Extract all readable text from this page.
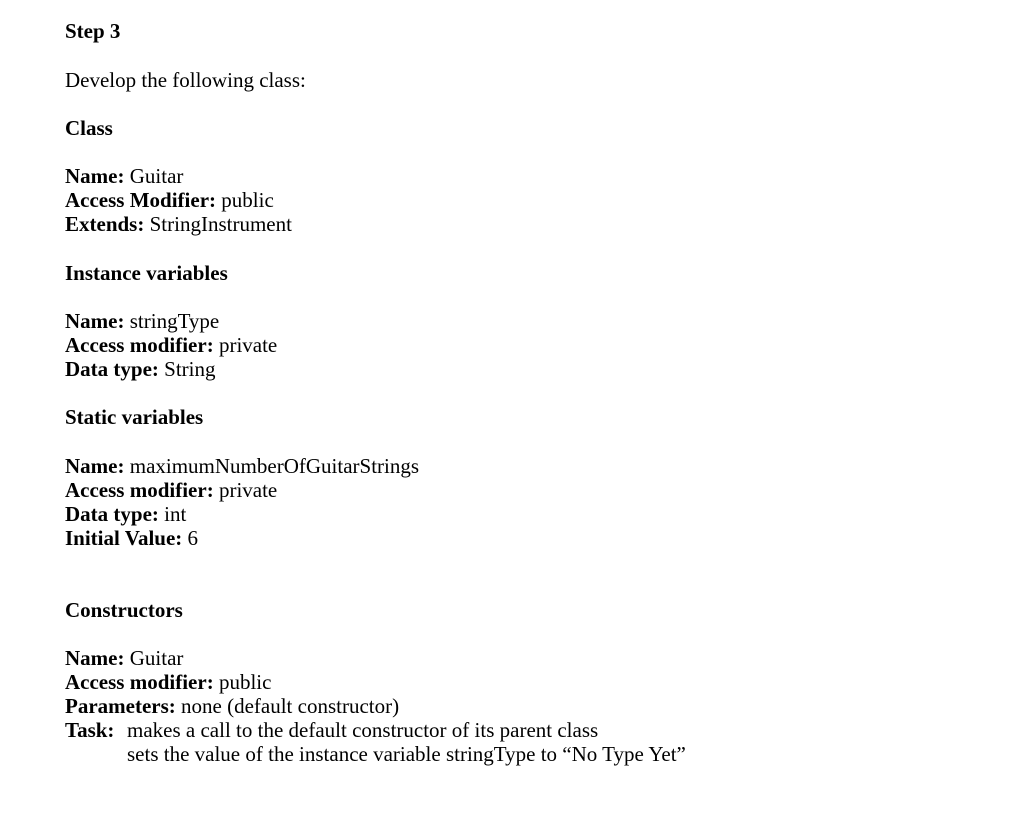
Step 3
Develop the following class:
Class
Name: Guitar
Access Modifier: public
Extends: StringInstrument
Instance variables
Name: stringType
Access modifier: private
Data type: String
Static variables
Name: maximumNumberOfGuitarStrings
Access modifier: private
Data type: int
Initial Value: 6
Constructors
Name: Guitar
Access modifier: public
Parameters: none (default constructor)
Task: makes a call to the default constructor of its parent class
sets the value of the instance variable stringType to “No Type Yet”
